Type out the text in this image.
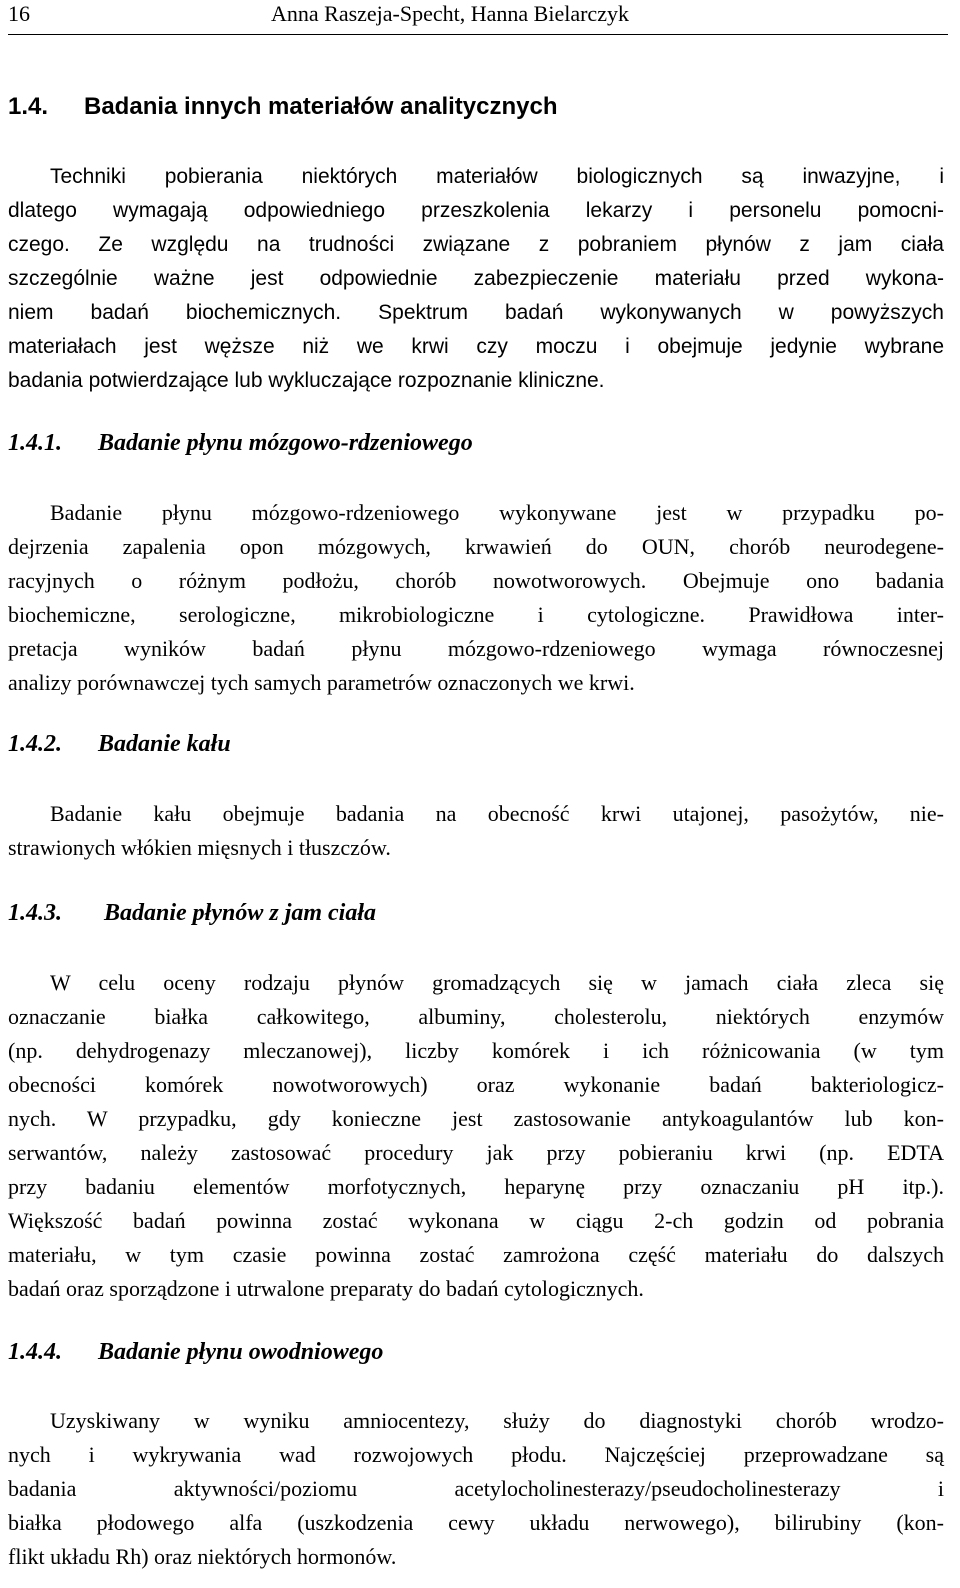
16	Anna Raszeja-Specht, Hanna Bielarczyk
1.4. Badania innych materiałów analitycznych
Techniki pobierania niektórych materiałów biologicznych są inwazyjne, i
dlatego wymagają odpowiedniego przeszkolenia lekarzy i personelu pomocni-
czego. Ze względu na trudności związane z pobraniem płynów z jam ciała
szczególnie ważne jest odpowiednie zabezpieczenie materiału przed wykona-
niem badań biochemicznych. Spektrum badań wykonywanych w powyższych
materiałach jest węższe niż we krwi czy moczu i obejmuje jedynie wybrane
badania potwierdzające lub wykluczające rozpoznanie kliniczne.
1.4.1. Badanie płynu mózgowo-rdzeniowego
Badanie płynu mózgowo-rdzeniowego wykonywane jest w przypadku po-
dejrzenia zapalenia opon mózgowych, krwawień do OUN, chorób neurodegene-
racyjnych o różnym podłożu, chorób nowotworowych. Obejmuje ono badania
biochemiczne, serologiczne, mikrobiologiczne i cytologiczne. Prawidłowa inter-
pretacja wyników badań płynu mózgowo-rdzeniowego wymaga równoczesnej
analizy porównawczej tych samych parametrów oznaczonych we krwi.
1.4.2. Badanie kału
Badanie kału obejmuje badania na obecność krwi utajonej, pasożytów, nie-
strawionych włókien mięsnych i tłuszczów.
1.4.3. Badanie płynów z jam ciała
W celu oceny rodzaju płynów gromadzących się w jamach ciała zleca się
oznaczanie białka całkowitego, albuminy, cholesterolu, niektórych enzymów
(np. dehydrogenazy mleczanowej), liczby komórek i ich różnicowania (w tym
obecności komórek nowotworowych) oraz wykonanie badań bakteriologicz-
nych. W przypadku, gdy konieczne jest zastosowanie antykoagulantów lub kon-
serwantów, należy zastosować procedury jak przy pobieraniu krwi (np. EDTA
przy badaniu elementów morfotycznych, heparynę przy oznaczaniu pH itp.).
Większość badań powinna zostać wykonana w ciągu 2-ch godzin od pobrania
materiału, w tym czasie powinna zostać zamrożona część materiału do dalszych
badań oraz sporządzone i utrwalone preparaty do badań cytologicznych.
1.4.4. Badanie płynu owodniowego
Uzyskiwany w wyniku amniocentezy, służy do diagnostyki chorób wrodzo-
nych i wykrywania wad rozwojowych płodu. Najczęściej przeprowadzane są
badania aktywności/poziomu acetylocholinesterazy/pseudocholinesterazy i
białka płodowego alfa (uszkodzenia cewy układu nerwowego), bilirubiny (kon-
flikt układu Rh) oraz niektórych hormonów.
